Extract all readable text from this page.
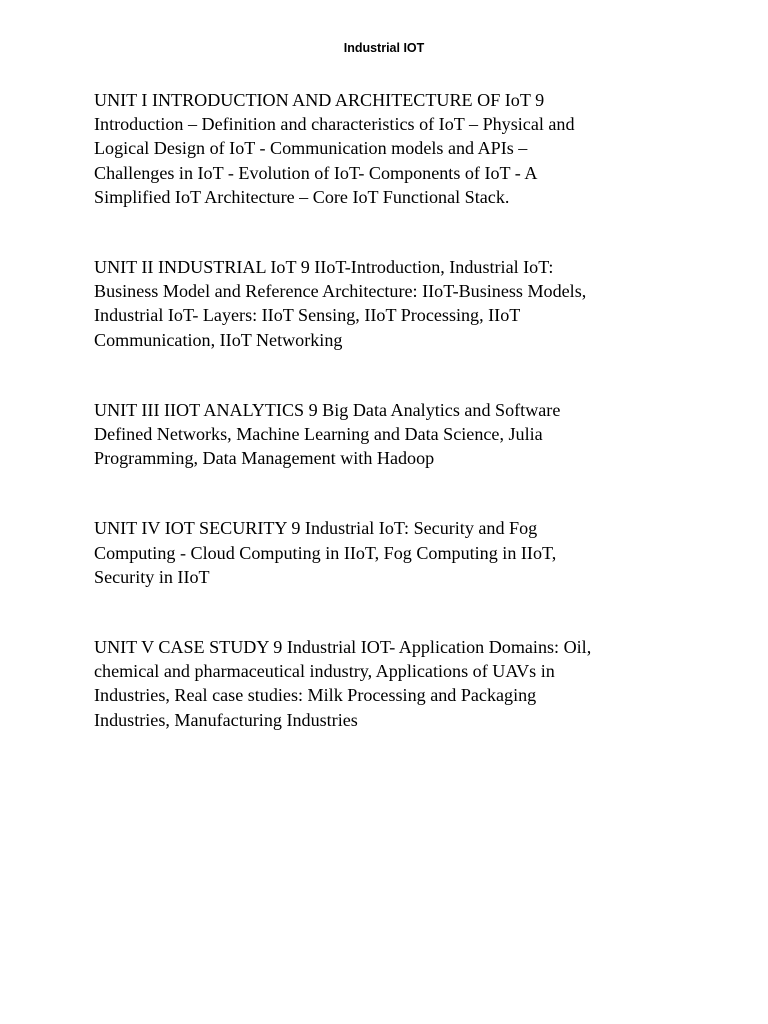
Industrial IOT
UNIT I INTRODUCTION AND ARCHITECTURE OF IoT 9
Introduction – Definition and characteristics of IoT – Physical and
Logical Design of IoT - Communication models and APIs –
Challenges in IoT - Evolution of IoT- Components of IoT - A
Simplified IoT Architecture – Core IoT Functional Stack.
UNIT II INDUSTRIAL IoT 9 IIoT-Introduction, Industrial IoT:
Business Model and Reference Architecture: IIoT-Business Models,
Industrial IoT- Layers: IIoT Sensing, IIoT Processing, IIoT
Communication, IIoT Networking
UNIT III IIOT ANALYTICS 9 Big Data Analytics and Software
Defined Networks, Machine Learning and Data Science, Julia
Programming, Data Management with Hadoop
UNIT IV IOT SECURITY 9 Industrial IoT: Security and Fog
Computing - Cloud Computing in IIoT, Fog Computing in IIoT,
Security in IIoT
UNIT V CASE STUDY 9 Industrial IOT- Application Domains: Oil,
chemical and pharmaceutical industry, Applications of UAVs in
Industries, Real case studies: Milk Processing and Packaging
Industries, Manufacturing Industries
